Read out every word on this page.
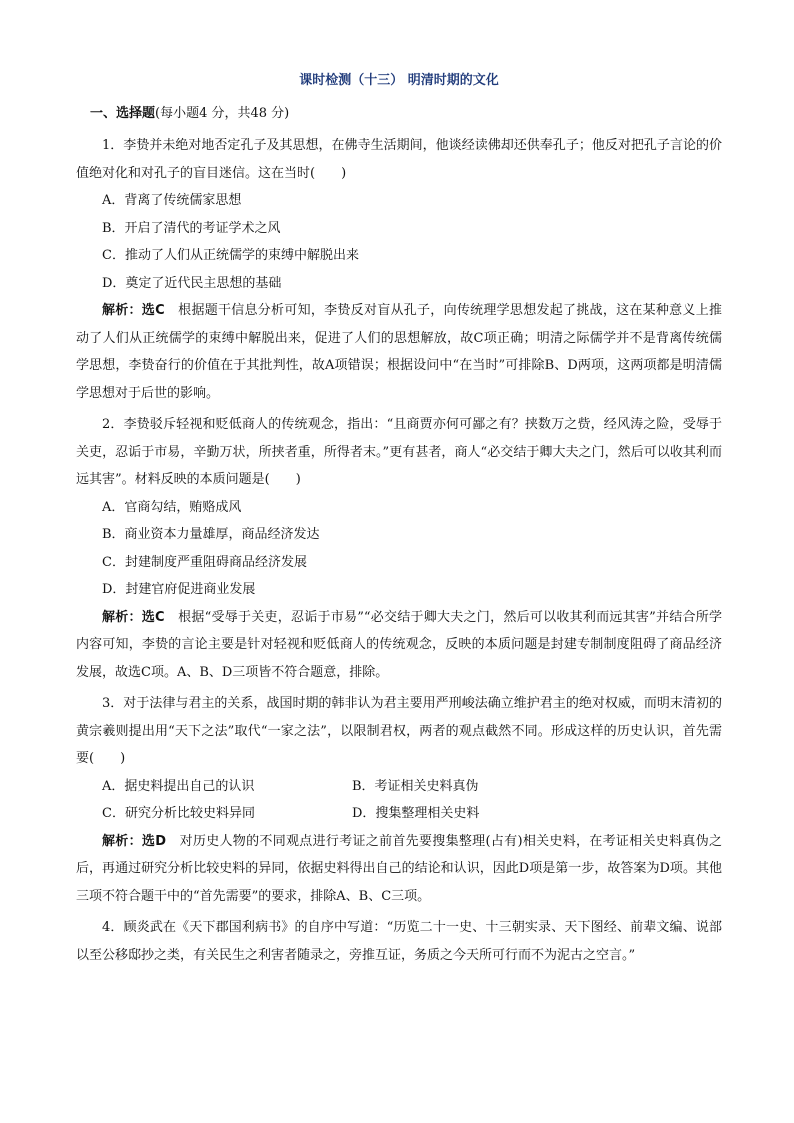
课时检测（十三） 明清时期的文化
一、选择题(每小题4 分，共48 分)

1．李贽并未绝对地否定孔子及其思想，在佛寺生活期间，他谈经读佛却还供奉孔子；他反对把孔子言论的价值绝对化和对孔子的盲目迷信。这在当时(　　)

A．背离了传统儒家思想

B．开启了清代的考证学术之风

C．推动了人们从正统儒学的束缚中解脱出来

D．奠定了近代民主思想的基础

解析：选C　 根据题干信息分析可知，李贽反对盲从孔子，向传统理学思想发起了挑战，这在某种意义上推动了人们从正统儒学的束缚中解脱出来，促进了人们的思想解放，故C项正确；明清之际儒学并不是背离传统儒学思想，李贽奋行的价值在于其批判性，故A项错误；根据设问中“在当时”可排除B、D两项，这两项都是明清儒学思想对于后世的影响。

2．李贽驳斥轻视和贬低商人的传统观念，指出：“且商贾亦何可鄙之有？挟数万之赀，经风涛之险，受辱于关吏，忍诟于市易，辛勤万状，所挟者重，所得者末。”更有甚者，商人“必交结于卿大夫之门，然后可以收其利而远其害”。材料反映的本质问题是(　　)

A．官商勾结，贿赂成风

B．商业资本力量雄厚，商品经济发达

C．封建制度严重阻碍商品经济发展

D．封建官府促进商业发展

解析：选C　 根据“受辱于关吏，忍诟于市易”“必交结于卿大夫之门，然后可以收其利而远其害”并结合所学内容可知，李贽的言论主要是针对轻视和贬低商人的传统观念，反映的本质问题是封建专制制度阻碍了商品经济发展，故选C项。A、B、D三项皆不符合题意，排除。

3．对于法律与君主的关系，战国时期的韩非认为君主要用严刑峻法确立维护君主的绝对权威，而明末清初的黄宗羲则提出用“天下之法”取代“一家之法”，以限制君权，两者的观点截然不同。形成这样的历史认识，首先需要(　　)

A．据史料提出自己的认识	B．考证相关史料真伪
C．研究分析比较史料异同	D．搜集整理相关史料

解析：选D　 对历史人物的不同观点进行考证之前首先要搜集整理(占有)相关史料，在考证相关史料真伪之后，再通过研究分析比较史料的异同，依据史料得出自己的结论和认识，因此D项是第一步，故答案为D项。其他三项不符合题干中的“首先需要”的要求，排除A、B、C三项。

4．顾炎武在《天下郡国利病书》的自序中写道：“历览二十一史、十三朝实录、天下图经、前辈文编、说部以至公移邸抄之类，有关民生之利害者随录之，旁推互证，务质之今天所可行而不为泥古之空言。”
